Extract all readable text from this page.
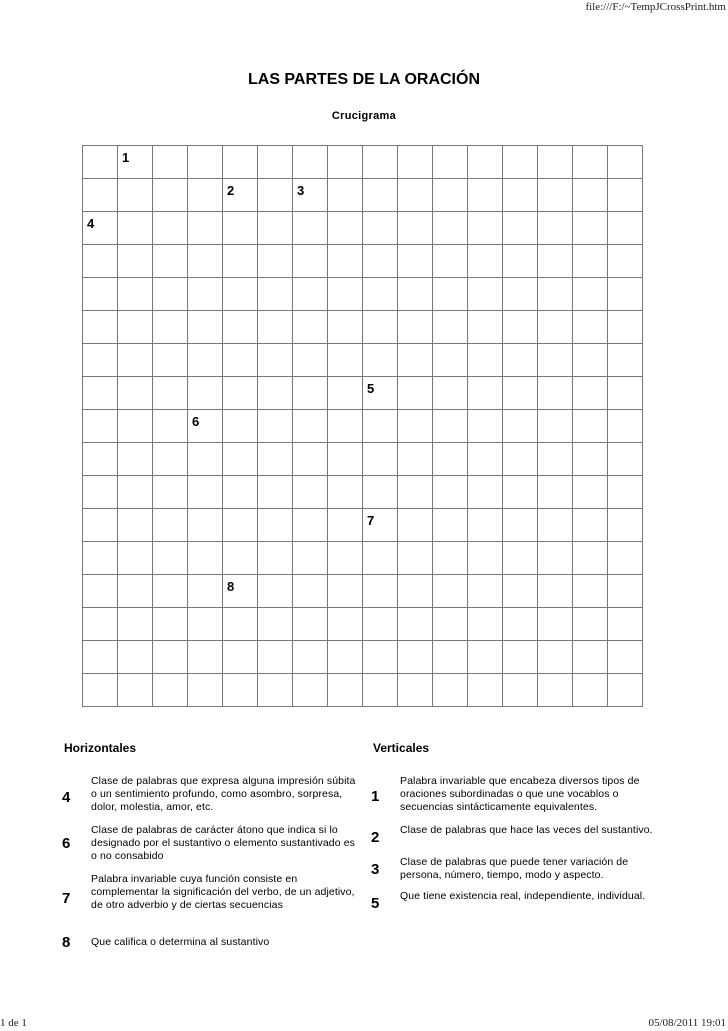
file:///F:/~TempJCrossPrint.htm
LAS PARTES DE LA ORACIÓN
Crucigrama
1
2	3
4
5
6
7
8
Horizontales	Verticales
4
Clase de palabras que expresa alguna impresión súbita o un sentimiento profundo, como asombro, sorpresa, dolor, molestia, amor, etc.
6
Clase de palabras de carácter átono que indica si lo designado por el sustantivo o elemento sustantivado es o no consabido
7
Palabra invariable cuya función consiste en complementar la significación del verbo, de un adjetivo, de otro adverbio y de ciertas secuencias
8 Que califica o determina al sustantivo
1
Palabra invariable que encabeza diversos tipos de oraciones subordinadas o que une vocablos o secuencias sintácticamente equivalentes.
2 Clase de palabras que hace las veces del sustantivo.
3 Clase de palabras que puede tener variación de persona, número, tiempo, modo y aspecto.
5 Que tiene existencia real, independiente, individual.
1 de 1	05/08/2011 19:01
